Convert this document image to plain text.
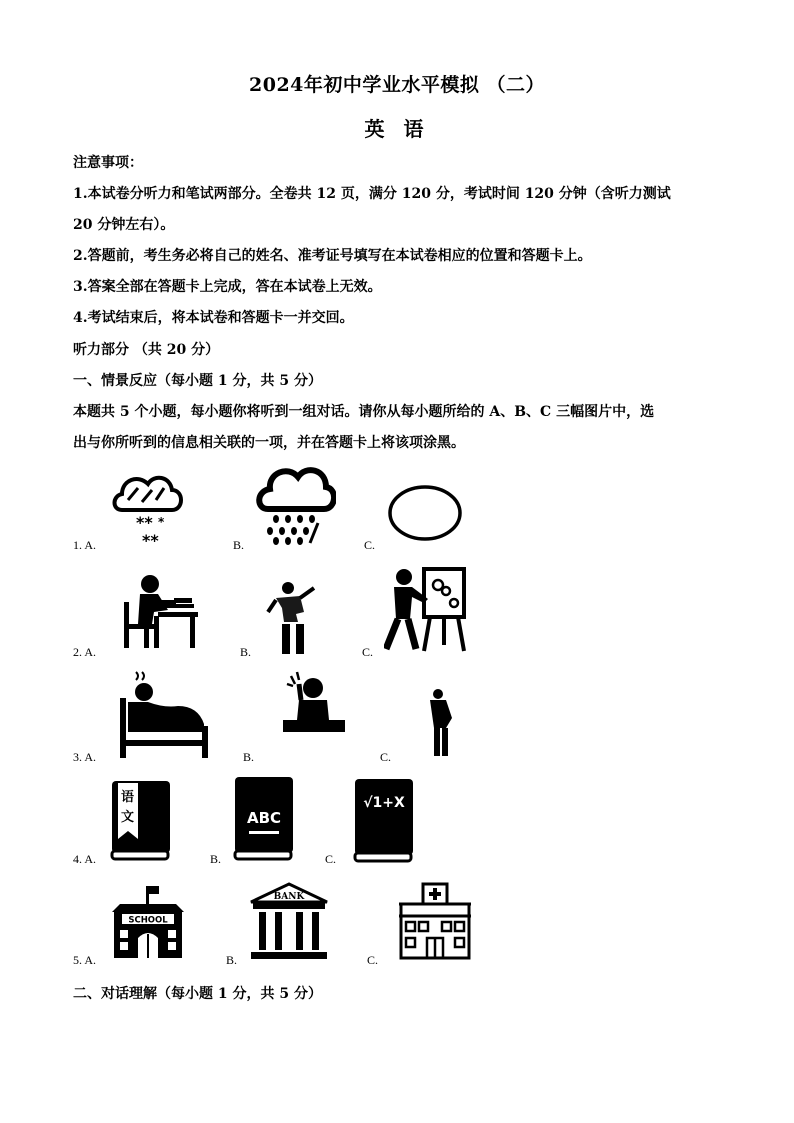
2024年初中学业水平模拟 （二）
英 语
注意事项：
1.本试卷分听力和笔试两部分。全卷共 12 页，满分 120 分，考试时间 120 分钟（含听力测试
20 分钟左右）。
2.答题前，考生务必将自己的姓名、准考证号填写在本试卷相应的位置和答题卡上。
3.答案全部在答题卡上完成，答在本试卷上无效。
4.考试结束后，将本试卷和答题卡一并交回。
听力部分 （共 20 分）
一、情景反应（每小题 1 分，共 5 分）
本题共 5 个小题，每小题你将听到一组对话。请你从每小题所给的 A、B、C 三幅图片中，选
出与你所听到的信息相关联的一项，并在答题卡上将该项涂黑。
1. A.	B.	C.
** *
**
2. A.	B.	C.
3. A.	B.	C.
4. A.	B.	C.
语
文	ABC
√1+X
5. A.	B.	C.
SCHOOL
BANK
二、对话理解（每小题 1 分，共 5 分）
